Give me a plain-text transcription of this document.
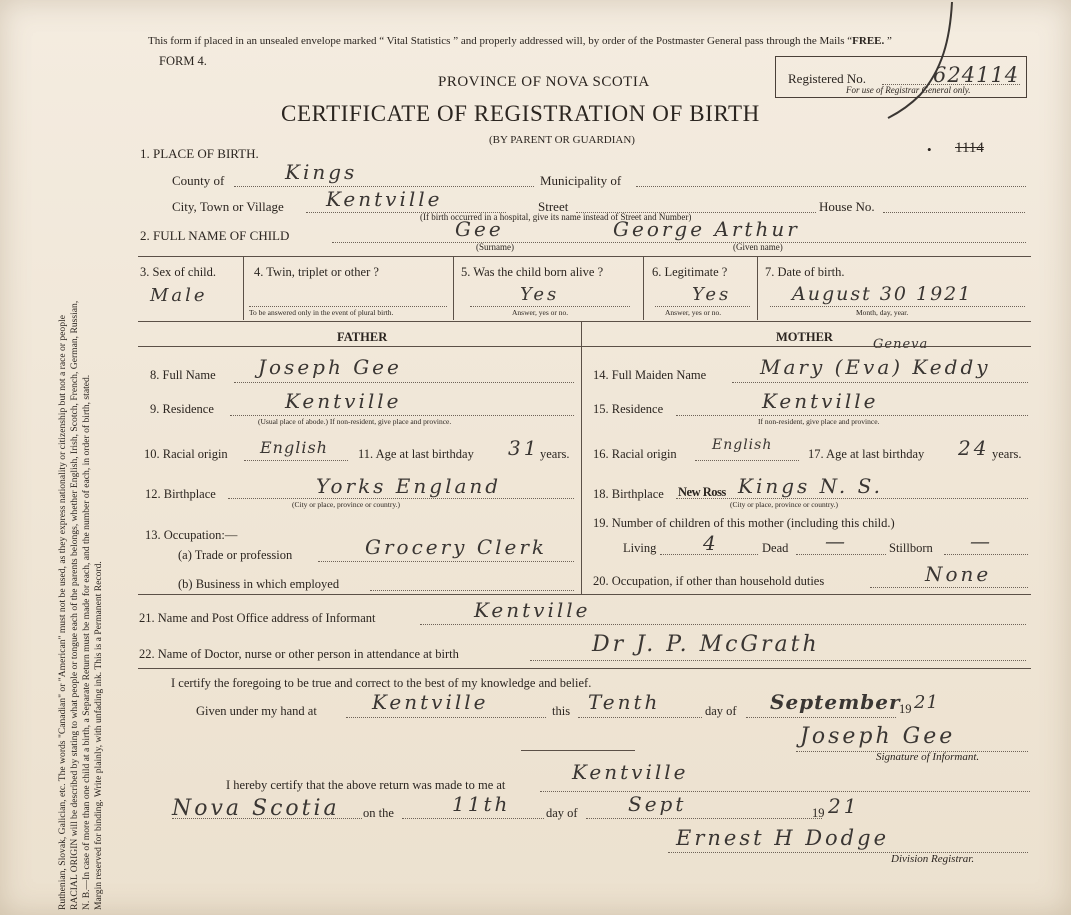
Ruthenian, Slovak, Galician, etc. The words "Canadian" or "American" must not be used, as they express nationality or citizenship but not a race or people RACIAL ORIGIN will be described by stating to what people or tongue each of the parents belongs, whether English, Irish, Scotch, French, German, Russian, N. B.—In case of more than one child at a birth, a Separate Return must be made for each, and the number of each, in order of birth, stated. Margin reserved for binding. Write plainly, with unfading ink. This is a Permanent Record.
This form if placed in an unsealed envelope marked “ Vital Statistics ” and properly addressed will, by order of the Postmaster General pass through the Mails “FREE. ”
FORM 4.
PROVINCE OF NOVA SCOTIA
CERTIFICATE OF REGISTRATION OF BIRTH
(BY PARENT OR GUARDIAN)
Registered No.	624114
For use of Registrar General only.
1114
•
1. PLACE OF BIRTH.
County of	Kings	Municipality of
City, Town or Village Kentville	Street	House No.
(If birth occurred in a hospital, give its name instead of Street and Number)
2. FULL NAME OF CHILD	Gee	George Arthur
(Surname)	(Given name)
3. Sex of child.
Male
4. Twin, triplet or other ?
To be answered only in the event of plural birth.
5. Was the child born alive ?
Yes
Answer, yes or no.
6. Legitimate ?
Yes
Answer, yes or no.
7. Date of birth.
August 30 1921
Month, day, year.
FATHER	MOTHER
8. Full Name Joseph Gee
9. Residence	Kentville
(Usual place of abode.) If non-resident, give place and province.
10. Racial origin English 11. Age at last birthday 31 years.
12. Birthplace	Yorks England
(City or place, province or country.)
13. Occupation:—
(a) Trade or profession	Grocery Clerk
(b) Business in which employed
14. Full Maiden Name	Mary (Eva) Keddy
Geneva
15. Residence	Kentville
If non-resident, give place and province.
16. Racial origin
English
17. Age at last birthday 24 years.
18. Birthplace New Ross Kings N. S.
(City or place, province or country.)
19. Number of children of this mother (including this child.)
Living 4	Dead —	Stillborn —
20. Occupation, if other than household duties	None
21. Name and Post Office address of Informant	Kentville
22. Name of Doctor, nurse or other person in attendance at birth	Dr J. P. McGrath
I certify the foregoing to be true and correct to the best of my knowledge and belief.
Given under my hand at	Kentville	this Tenth	day of September
19 21
Joseph Gee
Signature of Informant.
I hereby certify that the above return was made to me at
Kentville
Nova Scotia on the	11th	day of	Sept	19 21
Ernest H Dodge
Division Registrar.
